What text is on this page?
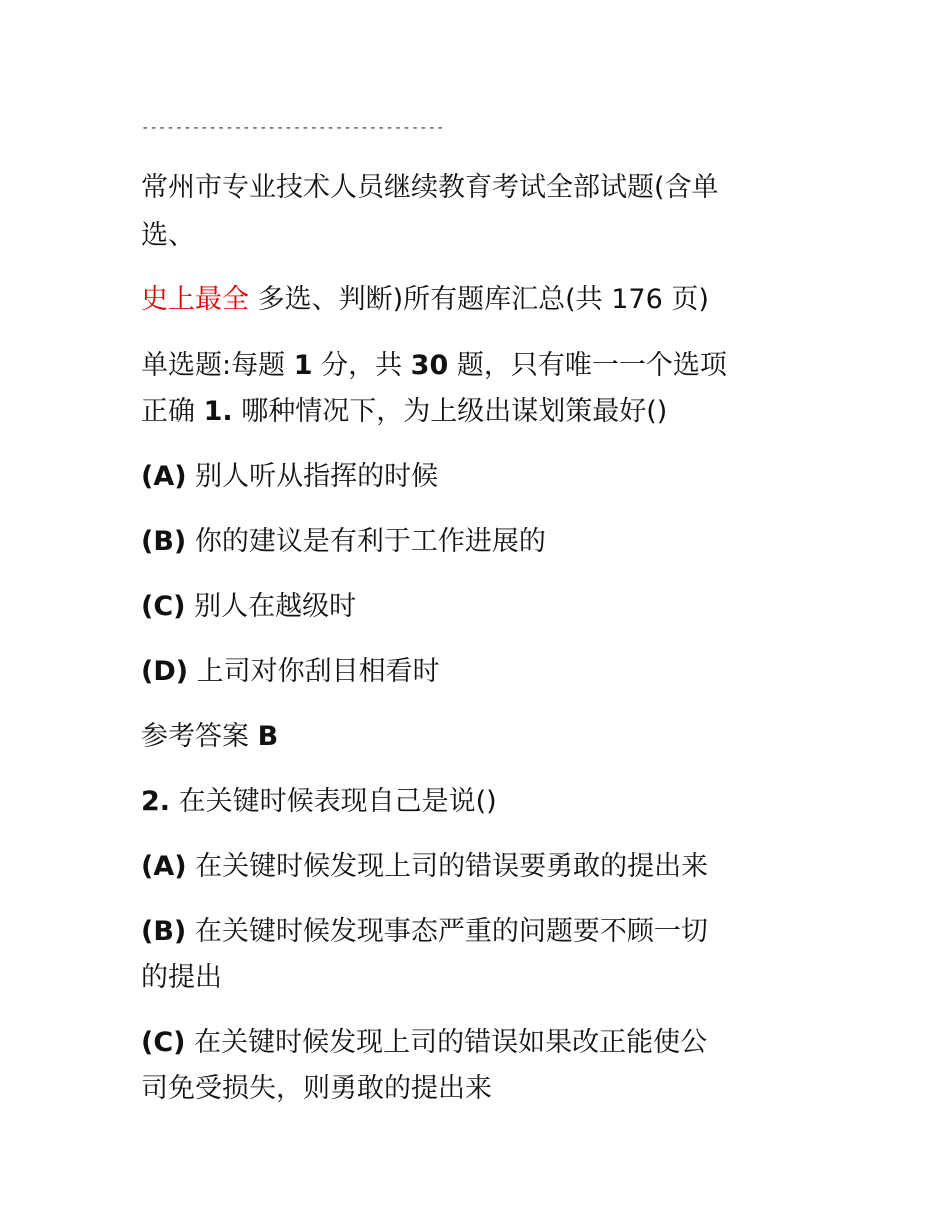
------------------------------------
常州市专业技术人员继续教育考试全部试题(含单
选、
史上最全 多选、判断)所有题库汇总(共 176 页)
单选题:每题 1 分，共 30 题，只有唯一一个选项
正确 1. 哪种情况下，为上级出谋划策最好()
(A) 别人听从指挥的时候
(B) 你的建议是有利于工作进展的
(C) 别人在越级时
(D) 上司对你刮目相看时
参考答案 B
2. 在关键时候表现自己是说()
(A) 在关键时候发现上司的错误要勇敢的提出来
(B) 在关键时候发现事态严重的问题要不顾一切
的提出
(C) 在关键时候发现上司的错误如果改正能使公
司免受损失，则勇敢的提出来
